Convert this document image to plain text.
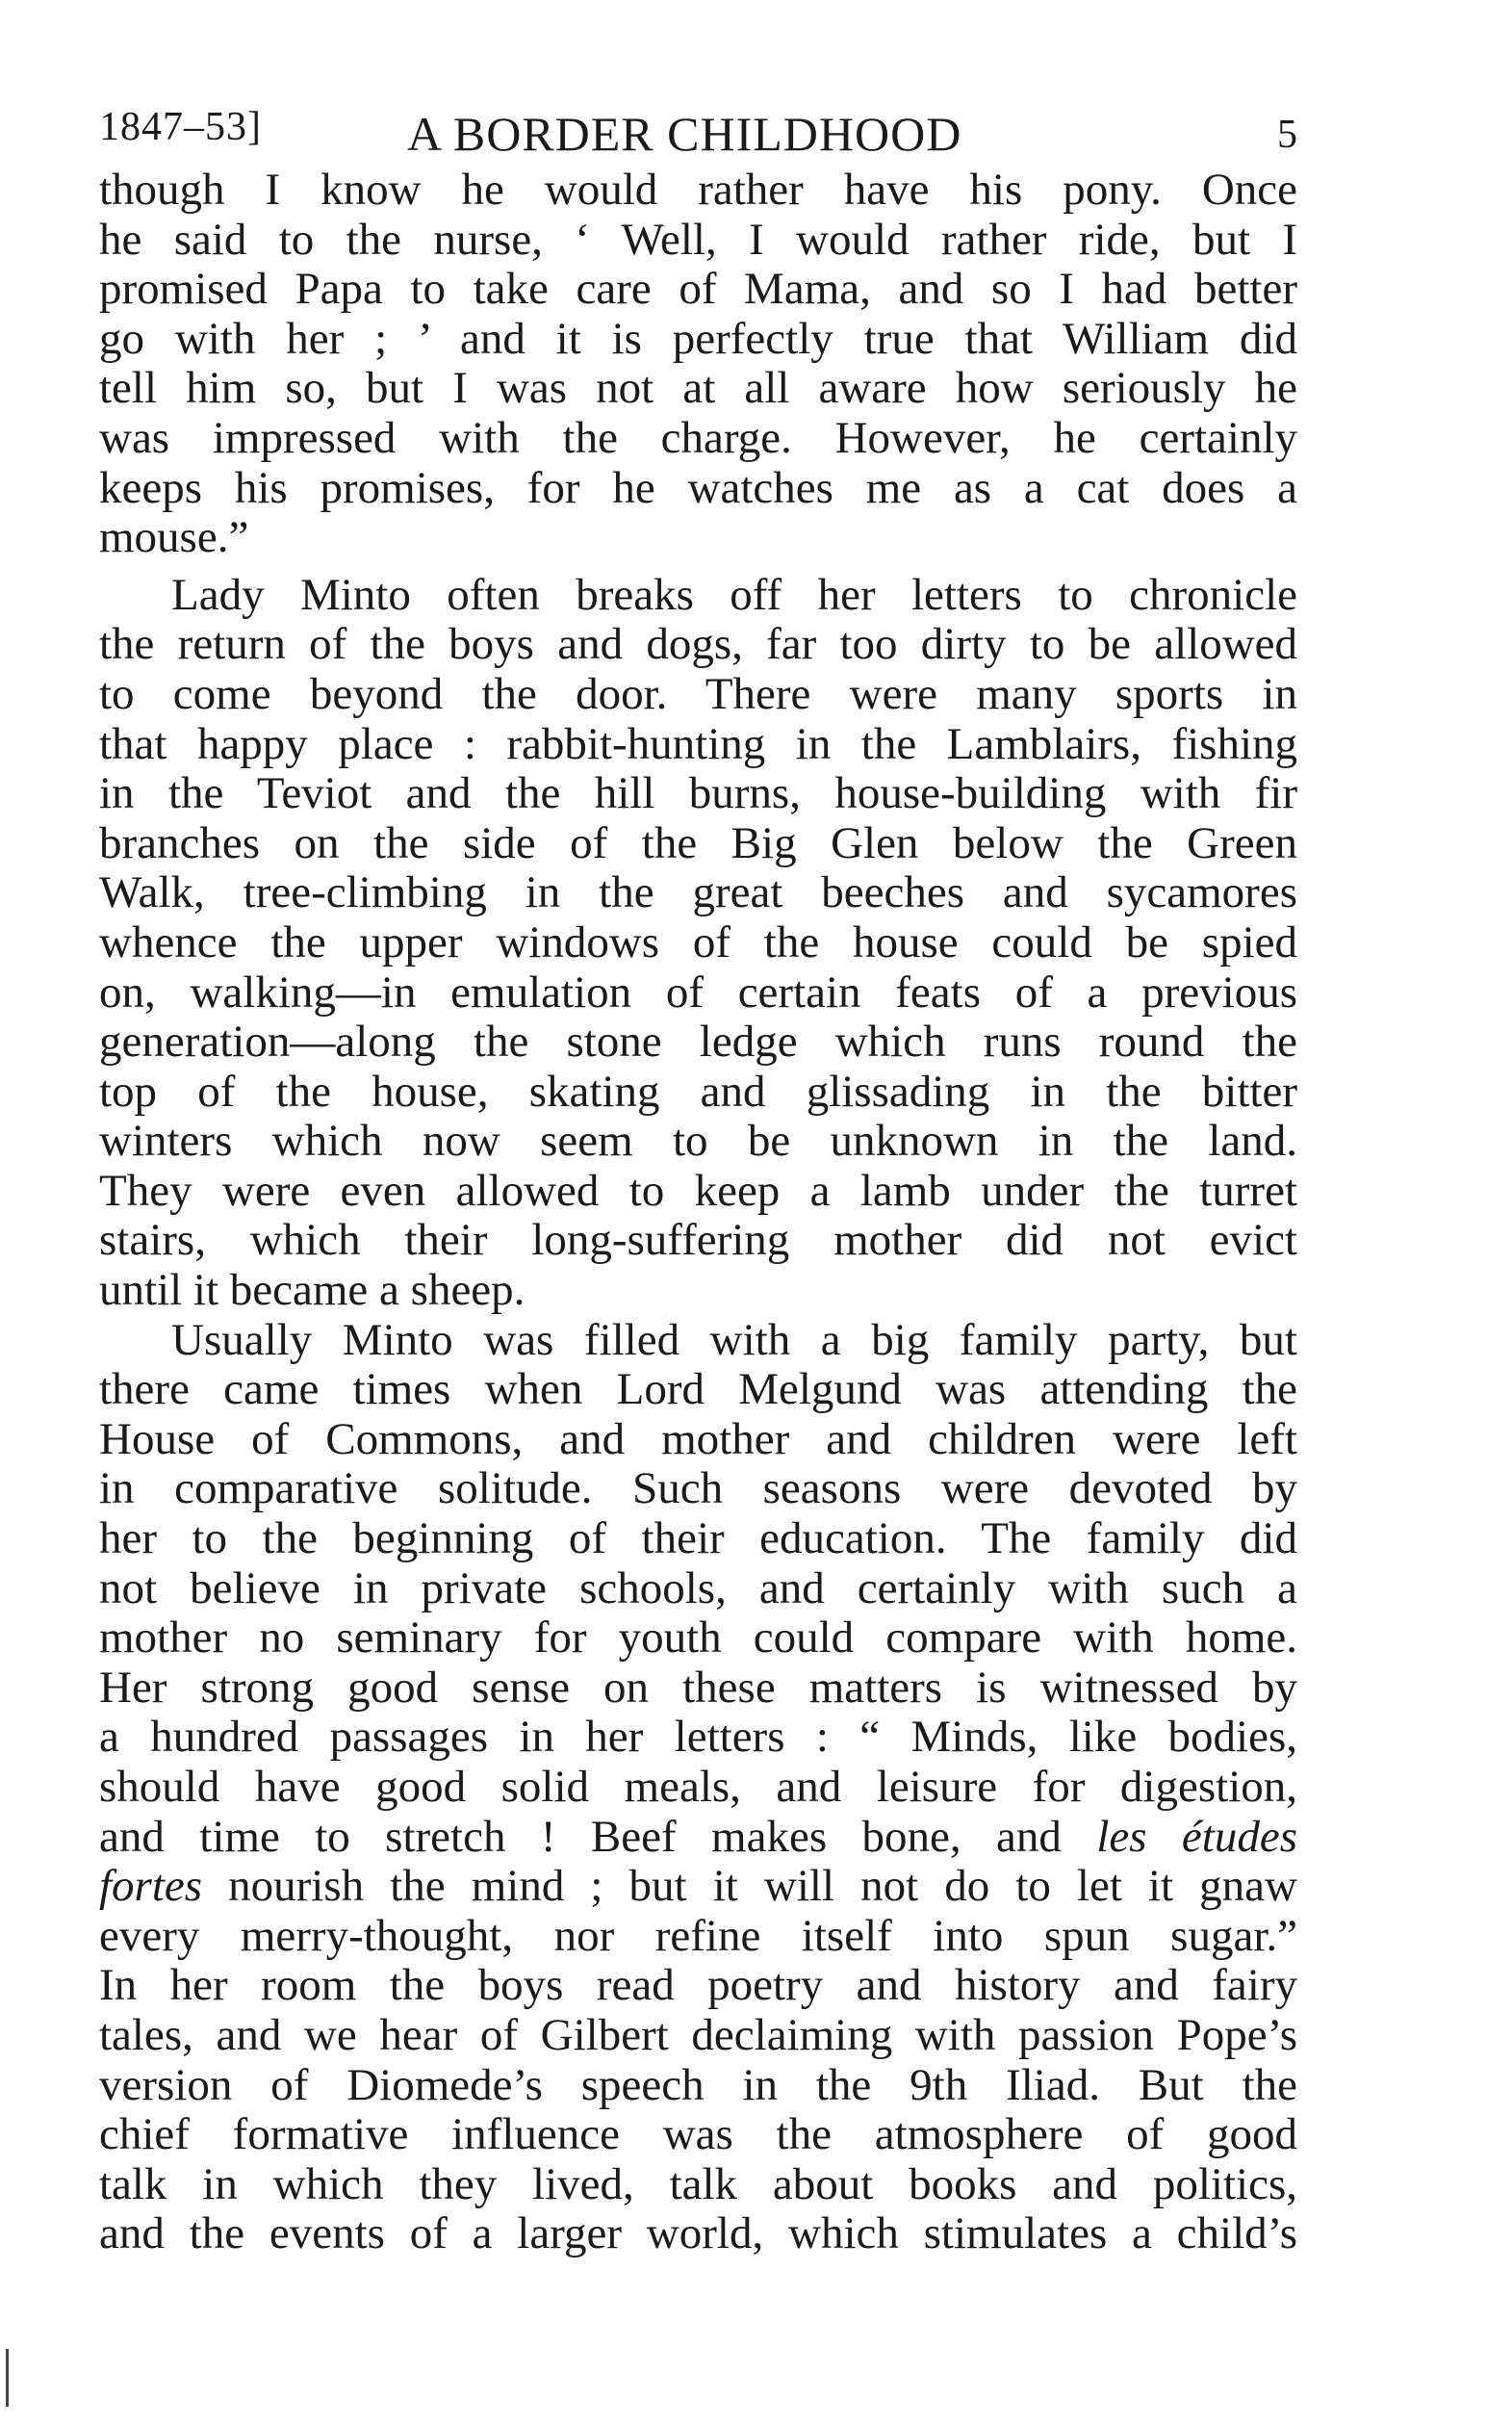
1847–53]	A BORDER CHILDHOOD	5
though I know he would rather have his pony. Once
he said to the nurse, ‘ Well, I would rather ride, but I
promised Papa to take care of Mama, and so I had better
go with her ; ’ and it is perfectly true that William did
tell him so, but I was not at all aware how seriously he
was impressed with the charge. However, he certainly
keeps his promises, for he watches me as a cat does a
mouse.”
Lady Minto often breaks off her letters to chronicle
the return of the boys and dogs, far too dirty to be allowed
to come beyond the door. There were many sports in
that happy place : rabbit-hunting in the Lamblairs, fishing
in the Teviot and the hill burns, house-building with fir
branches on the side of the Big Glen below the Green
Walk, tree-climbing in the great beeches and sycamores
whence the upper windows of the house could be spied
on, walking—in emulation of certain feats of a previous
generation—along the stone ledge which runs round the
top of the house, skating and glissading in the bitter
winters which now seem to be unknown in the land.
They were even allowed to keep a lamb under the turret
stairs, which their long-suffering mother did not evict
until it became a sheep.
Usually Minto was filled with a big family party, but
there came times when Lord Melgund was attending the
House of Commons, and mother and children were left
in comparative solitude. Such seasons were devoted by
her to the beginning of their education. The family did
not believe in private schools, and certainly with such a
mother no seminary for youth could compare with home.
Her strong good sense on these matters is witnessed by
a hundred passages in her letters : “ Minds, like bodies,
should have good solid meals, and leisure for digestion,
and time to stretch ! Beef makes bone, and les études
fortes nourish the mind ; but it will not do to let it gnaw
every merry-thought, nor refine itself into spun sugar.”
In her room the boys read poetry and history and fairy
tales, and we hear of Gilbert declaiming with passion Pope’s
version of Diomede’s speech in the 9th Iliad. But the
chief formative influence was the atmosphere of good
talk in which they lived, talk about books and politics,
and the events of a larger world, which stimulates a child’s
